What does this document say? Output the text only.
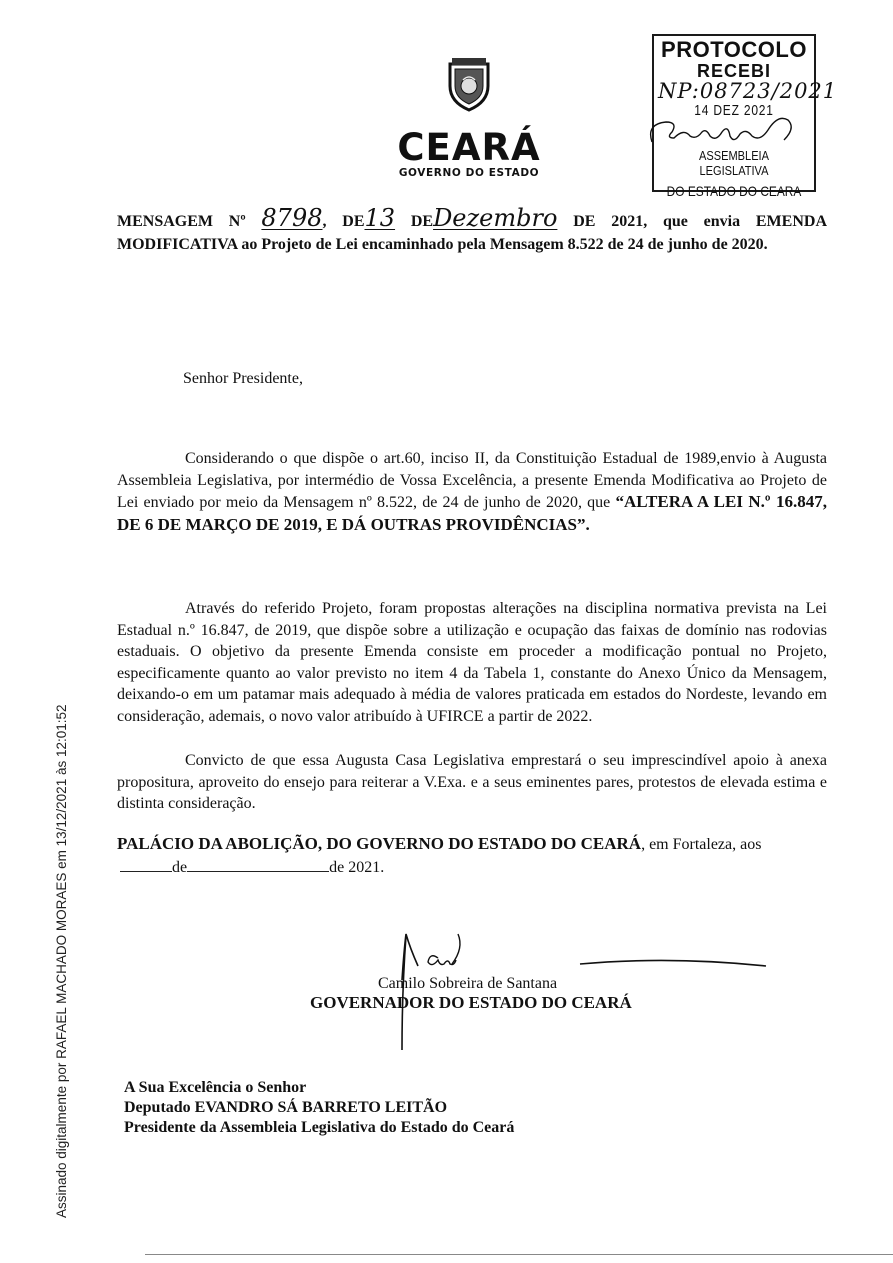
CEARÁ
GOVERNO DO ESTADO
PROTOCOLO
RECEBI
NP:08723/2021
14 DEZ 2021
ASSEMBLEIA LEGISLATIVA
DO ESTADO DO CEARA
MENSAGEM Nº 8798, DE13 DEDezembro DE 2021, que envia EMENDA MODIFICATIVA ao Projeto de Lei encaminhado pela Mensagem 8.522 de 24 de junho de 2020.
Senhor Presidente,
Considerando o que dispõe o art.60, inciso II, da Constituição Estadual de 1989,envio à Augusta Assembleia Legislativa, por intermédio de Vossa Excelência, a presente Emenda Modificativa ao Projeto de Lei enviado por meio da Mensagem nº 8.522, de 24 de junho de 2020, que “ALTERA A LEI N.º 16.847, DE 6 DE MARÇO DE 2019, E DÁ OUTRAS PROVIDÊNCIAS”.
Através do referido Projeto, foram propostas alterações na disciplina normativa prevista na Lei Estadual n.º 16.847, de 2019, que dispõe sobre a utilização e ocupação das faixas de domínio nas rodovias estaduais. O objetivo da presente Emenda consiste em proceder a modificação pontual no Projeto, especificamente quanto ao valor previsto no item 4 da Tabela 1, constante do Anexo Único da Mensagem, deixando-o em um patamar mais adequado à média de valores praticada em estados do Nordeste, levando em consideração, ademais, o novo valor atribuído à UFIRCE a partir de 2022.
Convicto de que essa Augusta Casa Legislativa emprestará o seu imprescindível apoio à anexa propositura, aproveito do ensejo para reiterar a V.Exa. e a seus eminentes pares, protestos de elevada estima e distinta consideração.
PALÁCIO DA ABOLIÇÃO, DO GOVERNO DO ESTADO DO CEARÁ, em Fortaleza, aos
de	de 2021.
Camilo Sobreira de Santana
GOVERNADOR DO ESTADO DO CEARÁ
A Sua Excelência o Senhor
Deputado EVANDRO SÁ BARRETO LEITÃO
Presidente da Assembleia Legislativa do Estado do Ceará
Assinado digitalmente por RAFAEL MACHADO MORAES em 13/12/2021 às 12:01:52
